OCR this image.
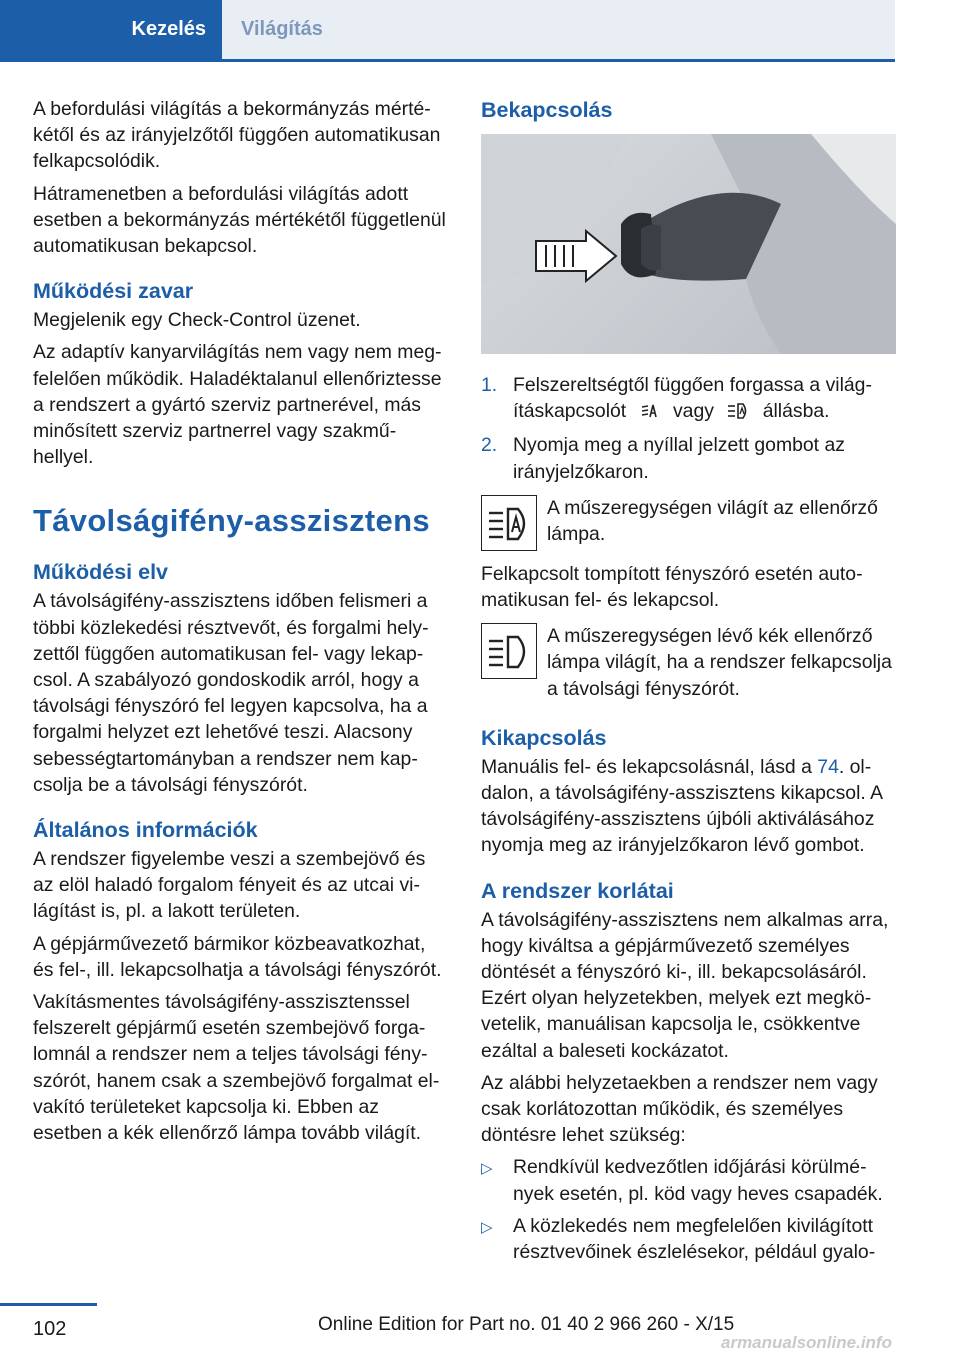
Kezelés Világítás

A befordulási világítás a bekormányzás mértékétől és az irányjelzőtől függően automatikusan felkapcsolódik.

Hátramenetben a befordulási világítás adott esetben a bekormányzás mértékétől függetlenül automatikusan bekapcsol.

Működési zavar

Megjelenik egy Check-Control üzenet.

Az adaptív kanyarvilágítás nem vagy nem megfelelően működik. Haladéktalanul ellenőriztesse a rendszert a gyártó szerviz partnerével, más minősített szerviz partnerrel vagy szakműhellyel.

Távolságifény-asszisztens
Működési elv

A távolságifény-asszisztens időben felismeri a többi közlekedési résztvevőt, és forgalmi helyzettől függően automatikusan fel- vagy lekapcsol. A szabályozó gondoskodik arról, hogy a távolsági fényszóró fel legyen kapcsolva, ha a forgalmi helyzet ezt lehetővé teszi. Alacsony sebességtartományban a rendszer nem kapcsolja be a távolsági fényszórót.

Általános információk

A rendszer figyelembe veszi a szembejövő és az elöl haladó forgalom fényeit és az utcai világítást is, pl. a lakott területen.

A gépjárművezető bármikor közbeavatkozhat, és fel-, ill. lekapcsolhatja a távolsági fényszórót.

Vakításmentes távolságifény-asszisztenssel felszerelt gépjármű esetén szembejövő forgalomnál a rendszer nem a teljes távolsági fényszórót, hanem csak a szembejövő forgalmat elvakító területeket kapcsolja ki. Ebben az esetben a kék ellenőrző lámpa tovább világít.

Bekapcsolás
1. Felszereltségtől függően forgassa a világításkapcsolót vagy	állásba.
2. Nyomja meg a nyíllal jelzett gombot az irányjelzőkaron.
A műszeregységen világít az ellenőrző lámpa.

Felkapcsolt tompított fényszóró esetén automatikusan fel- és lekapcsol.

A műszeregységen lévő kék ellenőrző lámpa világít, ha a rendszer felkapcsolja a távolsági fényszórót.
Kikapcsolás

Manuális fel- és lekapcsolásnál, lásd a 74. oldalon, a távolságifény-asszisztens kikapcsol. A távolságifény-asszisztens újbóli aktiválásához nyomja meg az irányjelzőkaron lévő gombot.

A rendszer korlátai

A távolságifény-asszisztens nem alkalmas arra, hogy kiváltsa a gépjárművezető személyes döntését a fényszóró ki-, ill. bekapcsolásáról. Ezért olyan helyzetekben, melyek ezt megkövetelik, manuálisan kapcsolja le, csökkentve ezáltal a baleseti kockázatot.

Az alábbi helyzetaekben a rendszer nem vagy csak korlátozottan működik, és személyes döntésre lehet szükség:

▷	Rendkívül kedvezőtlen időjárási körülmények esetén, pl. köd vagy heves csapadék.
▷	A közlekedés nem megfelelően kivilágított résztvevőinek észlelésekor, például gyalo-
102	Online Edition for Part no. 01 40 2 966 260 - X/15
armanualsonline.info
